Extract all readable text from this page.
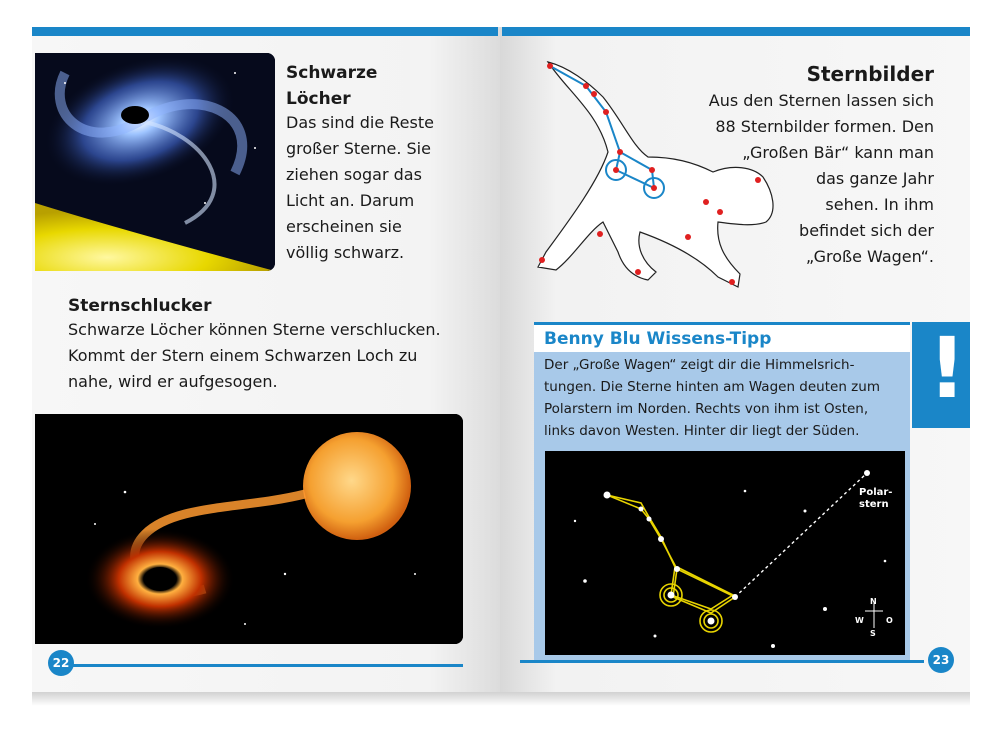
Schwarze
Löcher
Das sind die Reste
großer Sterne. Sie
ziehen sogar das
Licht an. Darum
erscheinen sie
völlig schwarz.
Sternschlucker
Schwarze Löcher können Sterne verschlucken.
Kommt der Stern einem Schwarzen Loch zu
nahe, wird er aufgesogen.
22
Sternbilder
Aus den Sternen lassen sich
88 Sternbilder formen. Den
„Großen Bär“ kann man
das ganze Jahr
sehen. In ihm
befindet sich der
„Große Wagen“.
Benny Blu Wissens-Tipp	!
Der „Große Wagen“ zeigt dir die Himmelsrich-
tungen. Die Sterne hinten am Wagen deuten zum
Polarstern im Norden. Rechts von ihm ist Osten,
links davon Westen. Hinter dir liegt der Süden.
Polar-
stern
N
S
W	O
23
